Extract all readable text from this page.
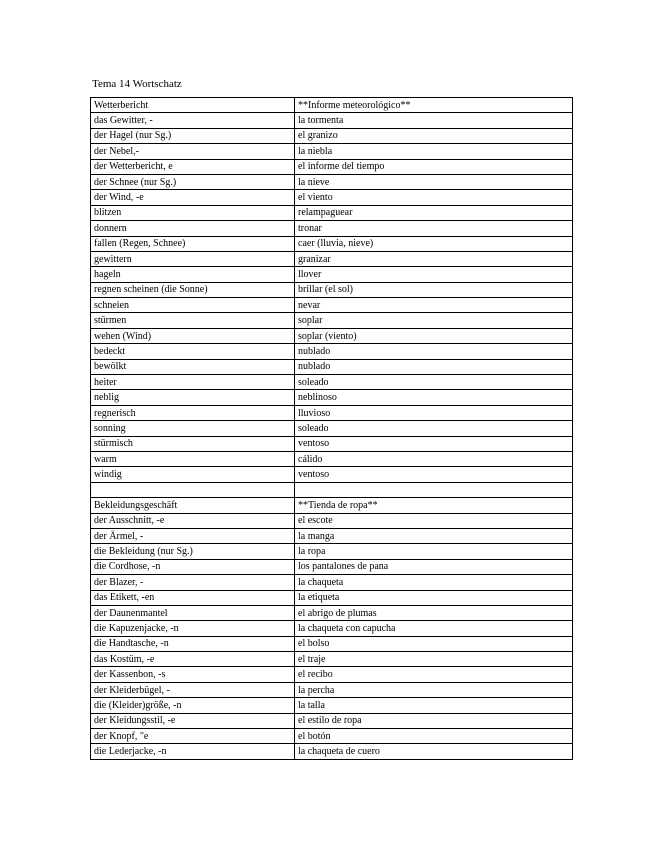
Tema 14 Wortschatz
Wetterbericht	**Informe meteorológico**
das Gewitter, -	la tormenta
der Hagel (nur Sg.)	el granizo
der Nebel,-	la niebla
der Wetterbericht, e	el informe del tiempo
der Schnee (nur Sg.)	la nieve
der Wind, -e	el viento
blitzen	relampaguear
donnern	tronar
fallen (Regen, Schnee)	caer (lluvia, nieve)
gewittern	granizar
hageln	llover
regnen scheinen (die Sonne)	brillar (el sol)
schneien	nevar
stürmen	soplar
wehen (Wind)	soplar (viento)
bedeckt	nublado
bewölkt	nublado
heiter	soleado
neblig	neblinoso
regnerisch	lluvioso
sonning	soleado
stürmisch	ventoso
warm	cálido
windig	ventoso

Bekleidungsgeschäft	**Tienda de ropa**
der Ausschnitt, -e	el escote
der Ärmel, -	la manga
die Bekleidung (nur Sg.)	la ropa
die Cordhose, -n	los pantalones de pana
der Blazer, -	la chaqueta
das Etikett, -en	la etiqueta
der Daunenmantel	el abrigo de plumas
die Kapuzenjacke, -n	la chaqueta con capucha
die Handtasche, -n	el bolso
das Kostüm, -e	el traje
der Kassenbon, -s	el recibo
der Kleiderbügel, -	la percha
die (Kleider)größe, -n	la talla
der Kleidungsstil, -e	el estilo de ropa
der Knopf, "e	el botón
die Lederjacke, -n	la chaqueta de cuero
